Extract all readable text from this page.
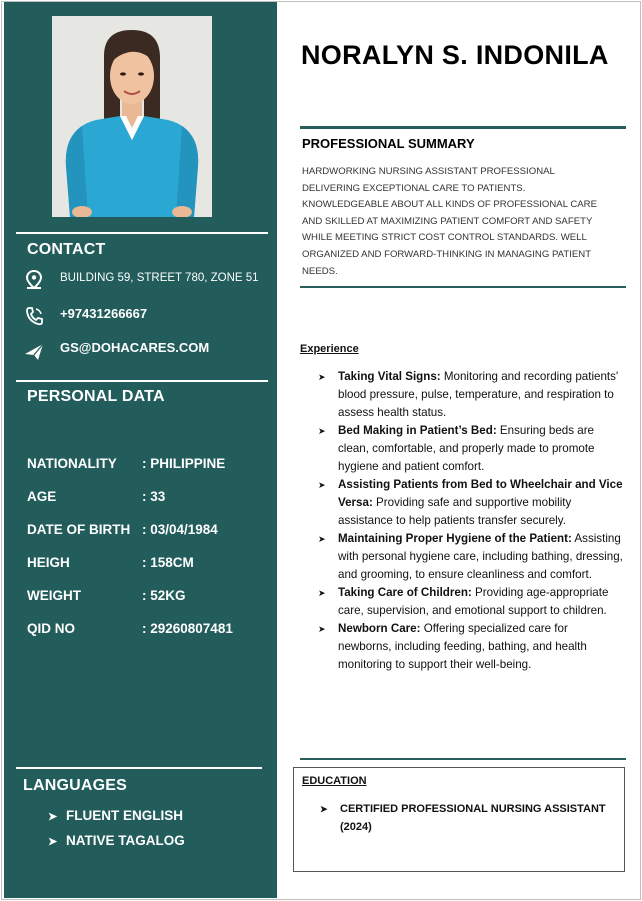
CONTACT
BUILDING 59, STREET 780, ZONE 51
+97431266667
GS@DOHACARES.COM
PERSONAL DATA
NATIONALITY : PHILIPPINE
AGE	: 33
DATE OF BIRTH : 03/04/1984
HEIGH	: 158CM
WEIGHT	: 52KG
QID NO	: 29260807481
LANGUAGES
➤ FLUENT ENGLISH
➤ NATIVE TAGALOG
NORALYN S. INDONILA
PROFESSIONAL SUMMARY
HARDWORKING NURSING ASSISTANT PROFESSIONAL DELIVERING EXCEPTIONAL CARE TO PATIENTS. KNOWLEDGEABLE ABOUT ALL KINDS OF PROFESSIONAL CARE AND SKILLED AT MAXIMIZING PATIENT COMFORT AND SAFETY WHILE MEETING STRICT COST CONTROL STANDARDS. WELL ORGANIZED AND FORWARD-THINKING IN MANAGING PATIENT NEEDS.
Experience
➤ Taking Vital Signs: Monitoring and recording patients' blood pressure, pulse, temperature, and respiration to assess health status.
➤ Bed Making in Patient’s Bed: Ensuring beds are clean, comfortable, and properly made to promote hygiene and patient comfort.
➤ Assisting Patients from Bed to Wheelchair and Vice Versa: Providing safe and supportive mobility assistance to help patients transfer securely.
➤ Maintaining Proper Hygiene of the Patient: Assisting with personal hygiene care, including bathing, dressing, and grooming, to ensure cleanliness and comfort.
➤ Taking Care of Children: Providing age-appropriate care, supervision, and emotional support to children.
➤ Newborn Care: Offering specialized care for newborns, including feeding, bathing, and health monitoring to support their well-being.
EDUCATION
➤ CERTIFIED PROFESSIONAL NURSING ASSISTANT (2024)
